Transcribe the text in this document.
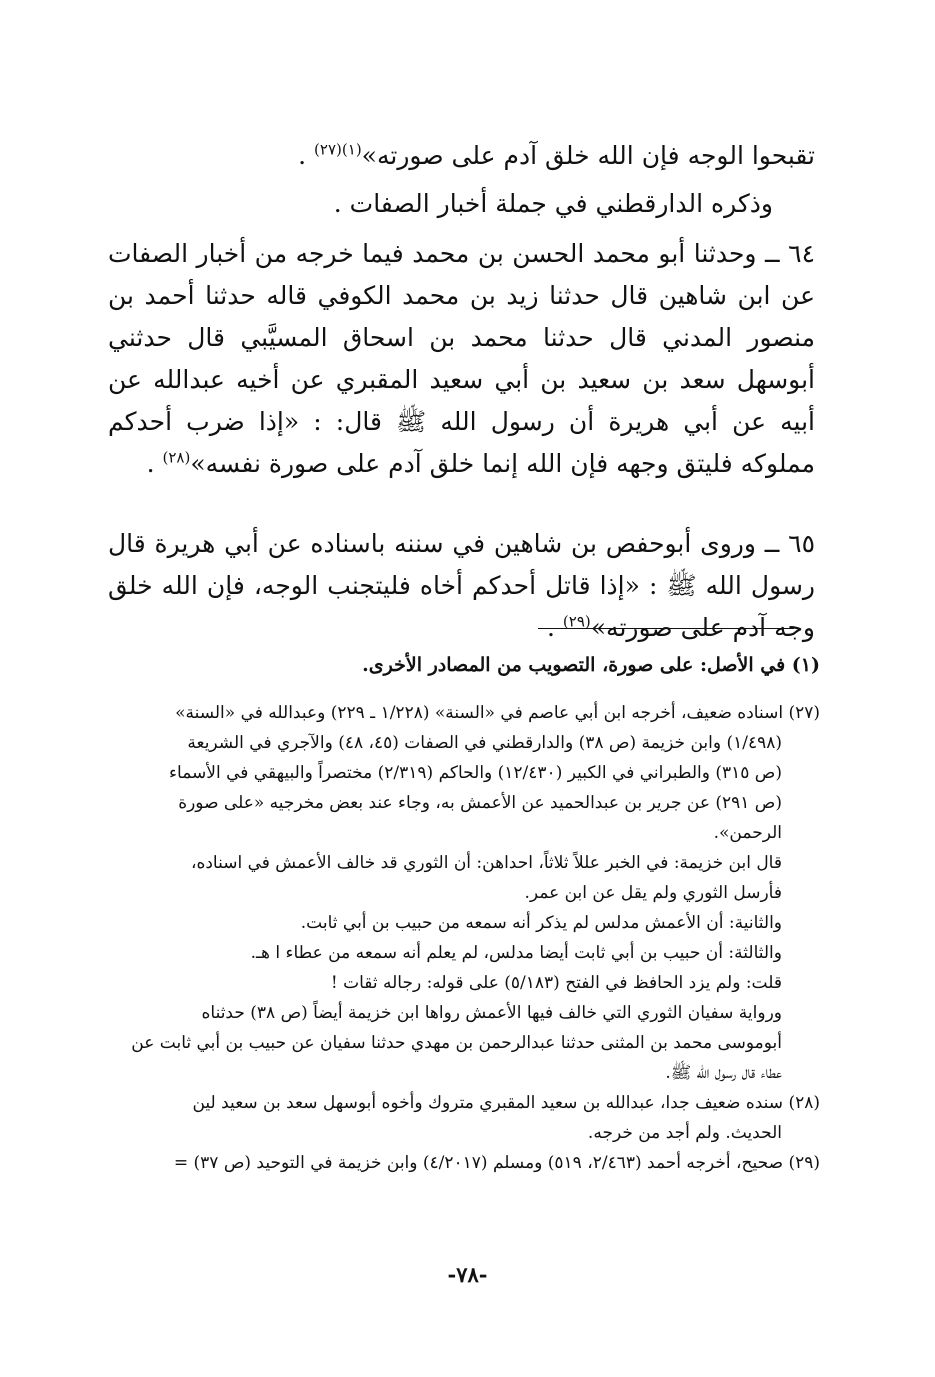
تقبحوا الوجه فإن الله خلق آدم على صورته»$^{(١)(٢٧)}$ .

وذكره الدارقطني في جملة أخبار الصفات .

٦٤ ــ وحدثنا أبو محمد الحسن بن محمد فيما خرجه من أخبار الصفات عن ابن شاهين قال حدثنا زيد بن محمد الكوفي قاله حدثنا أحمد بن منصور المدني قال حدثنا محمد بن اسحاق المسيَّبي قال حدثني أبوسهل سعد بن سعيد بن أبي سعيد المقبري عن أخيه عبدالله عن أبيه عن أبي هريرة أن رسول الله ﷺ قال: : «إذا ضرب أحدكم مملوكه فليتق وجهه فإن الله إنما خلق آدم على صورة نفسه»$^{(٢٨)}$ .

٦٥ ــ وروى أبوحفص بن شاهين في سننه باسناده عن أبي هريرة قال رسول الله ﷺ : «إذا قاتل أحدكم أخاه فليتجنب الوجه، فإن الله خلق وجه آدم على صورته»$^{(٢٩)}$ .

(١) في الأصل: على صورة، التصويب من المصادر الأخرى.

(٢٧) اسناده ضعيف، أخرجه ابن أبي عاصم في «السنة» (١/٢٢٨ ـ ٢٢٩) وعبدالله في «السنة»

(١/٤٩٨) وابن خزيمة (ص ٣٨) والدارقطني في الصفات (٤٥، ٤٨) والآجري في الشريعة

(ص ٣١٥) والطبراني في الكبير (١٢/٤٣٠) والحاكم (٢/٣١٩) مختصراً والبيهقي في الأسماء

(ص ٢٩١) عن جرير بن عبدالحميد عن الأعمش به، وجاء عند بعض مخرجيه «على صورة

الرحمن».

قال ابن خزيمة: في الخبر عللاً ثلاثاً، احداهن: أن الثوري قد خالف الأعمش في اسناده،

فأرسل الثوري ولم يقل عن ابن عمر.

والثانية: أن الأعمش مدلس لم يذكر أنه سمعه من حبيب بن أبي ثابت.

والثالثة: أن حبيب بن أبي ثابت أيضا مدلس، لم يعلم أنه سمعه من عطاء ا هـ.

قلت: ولم يزد الحافظ في الفتح (٥/١٨٣) على قوله: رجاله ثقات !

ورواية سفيان الثوري التي خالف فيها الأعمش رواها ابن خزيمة أيضاً (ص ٣٨) حدثناه

أبوموسى محمد بن المثنى حدثنا عبدالرحمن بن مهدي حدثنا سفيان عن حبيب بن أبي ثابت عن

عطاء قال رسول الله ﷺ.

(٢٨) سنده ضعيف جدا، عبدالله بن سعيد المقبري متروك وأخوه أبوسهل سعد بن سعيد لين

الحديث. ولم أجد من خرجه.

(٢٩) صحيح، أخرجه أحمد (٢/٤٦٣، ٥١٩) ومسلم (٤/٢٠١٧) وابن خزيمة في التوحيد (ص ٣٧) =

-٧٨-
